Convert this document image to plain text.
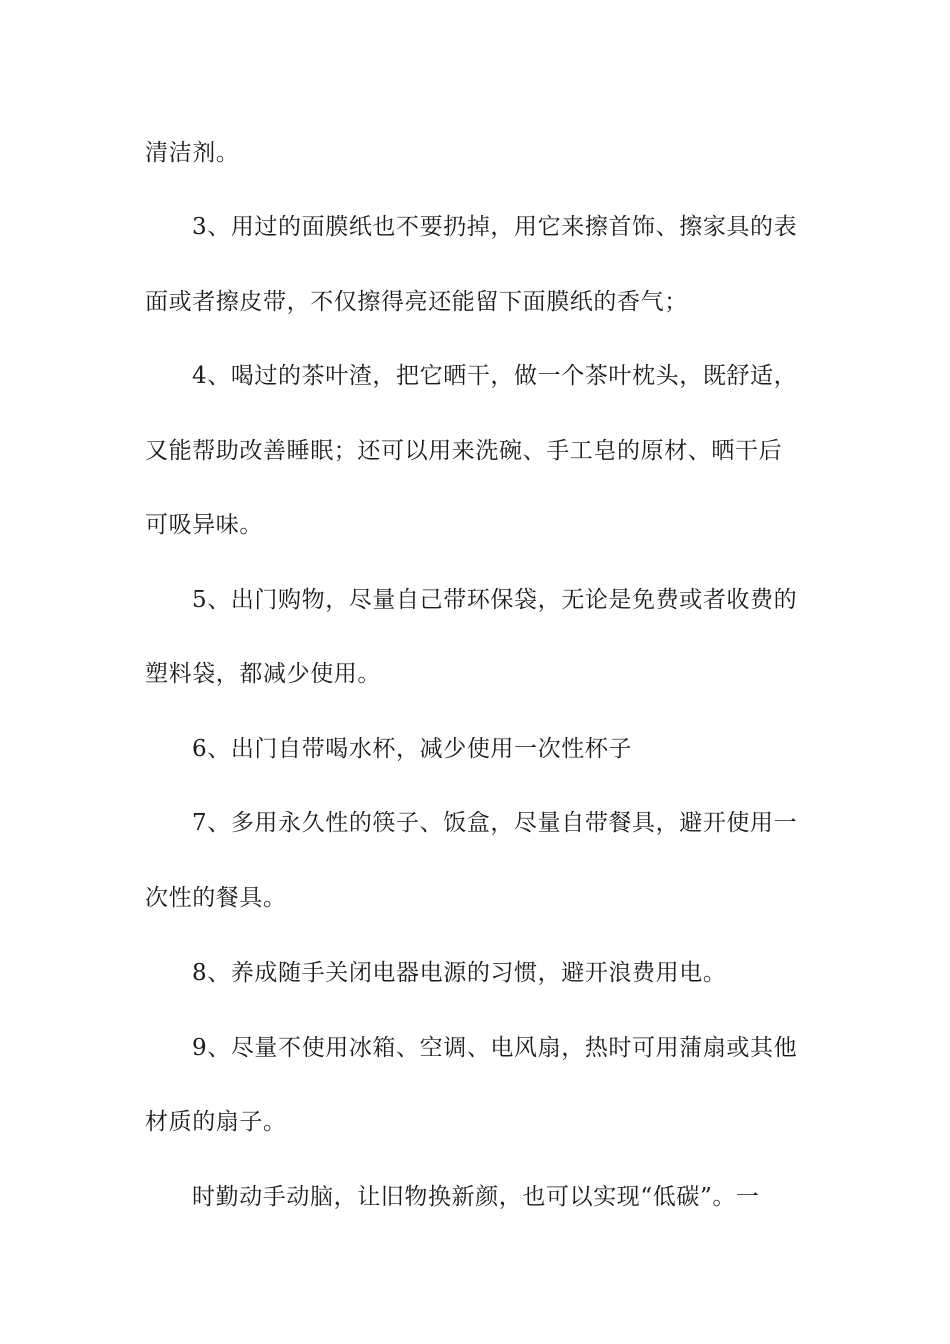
清洁剂。
3、用过的面膜纸也不要扔掉，用它来擦首饰、擦家具的表
面或者擦皮带，不仅擦得亮还能留下面膜纸的香气；
4、喝过的茶叶渣，把它晒干，做一个茶叶枕头，既舒适，
又能帮助改善睡眠；还可以用来洗碗、手工皂的原材、晒干后
可吸异味。
5、出门购物，尽量自己带环保袋，无论是免费或者收费的
塑料袋，都减少使用。
6、出门自带喝水杯，减少使用一次性杯子
7、多用永久性的筷子、饭盒，尽量自带餐具，避开使用一
次性的餐具。
8、养成随手关闭电器电源的习惯，避开浪费用电。
9、尽量不使用冰箱、空调、电风扇，热时可用蒲扇或其他
材质的扇子。
时勤动手动脑，让旧物换新颜，也可以实现“低碳”。一
